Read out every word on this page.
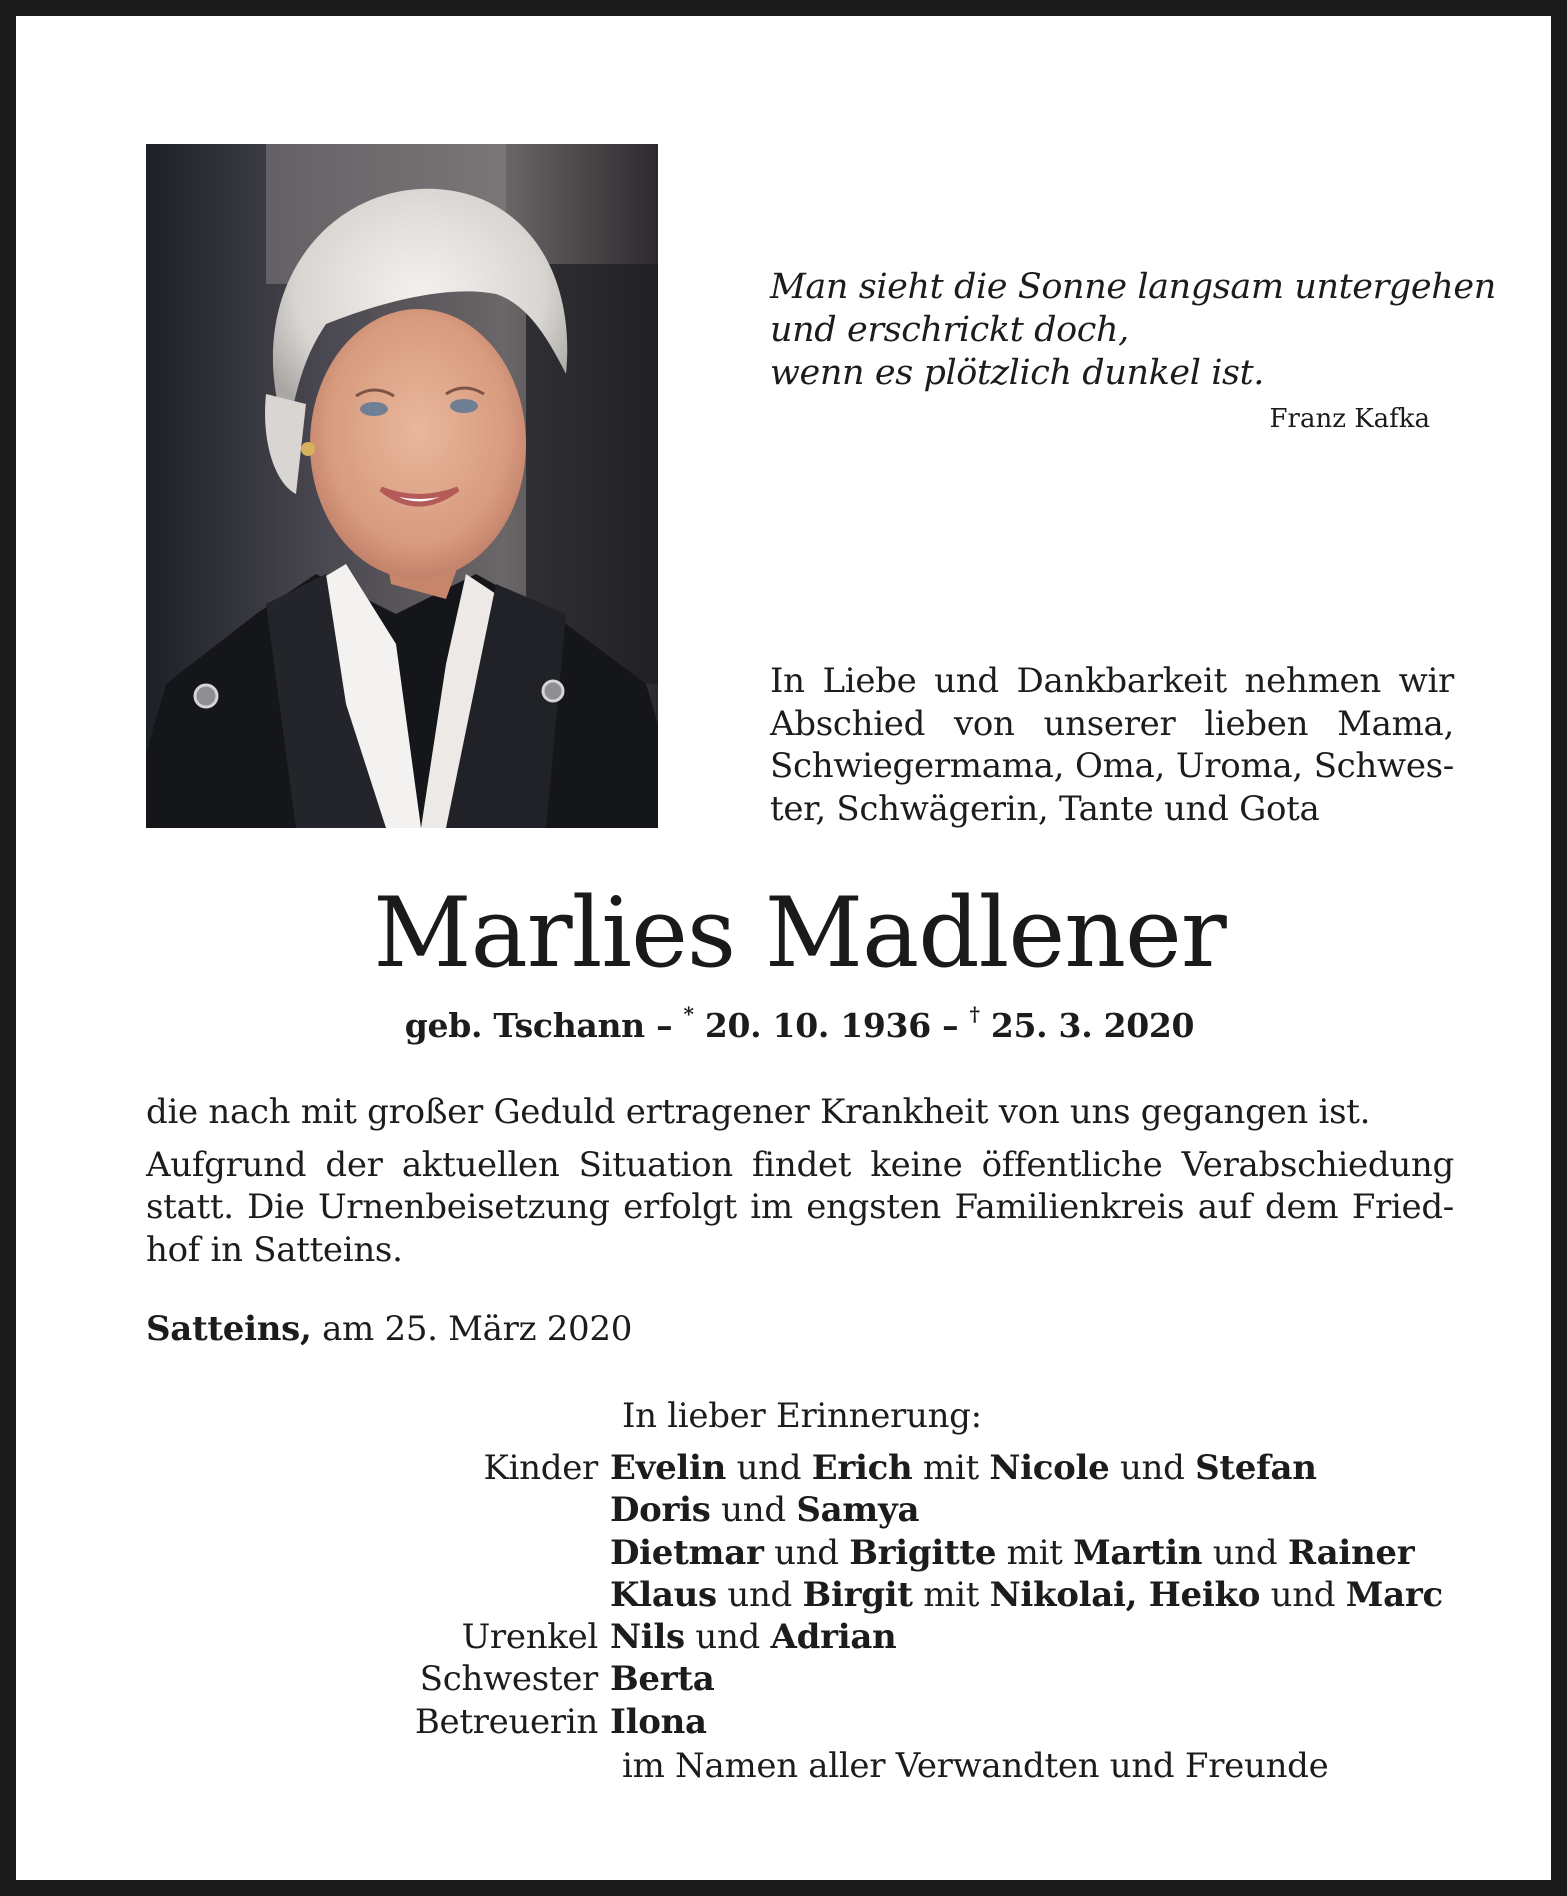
Man sieht die Sonne langsam untergehen
und erschrickt doch,
wenn es plötzlich dunkel ist.
Franz Kafka
In Liebe und Dankbarkeit nehmen wir
Abschied von unserer lieben Mama,
Schwiegermama, Oma, Uroma, Schwes-
ter, Schwägerin, Tante und Gota
Marlies Madlener
geb. Tschann – * 20. 10. 1936 – † 25. 3. 2020
die nach mit großer Geduld ertragener Krankheit von uns gegangen ist.
Aufgrund der aktuellen Situation findet keine öffentliche Verabschiedung
statt. Die Urnenbeisetzung erfolgt im engsten Familienkreis auf dem Fried-
hof in Satteins.
Satteins, am 25. März 2020
In lieber Erinnerung:
Kinder Evelin und Erich mit Nicole und Stefan
Doris und Samya
Dietmar und Brigitte mit Martin und Rainer
Klaus und Birgit mit Nikolai, Heiko und Marc
Urenkel Nils und Adrian
Schwester Berta
Betreuerin Ilona
im Namen aller Verwandten und Freunde
